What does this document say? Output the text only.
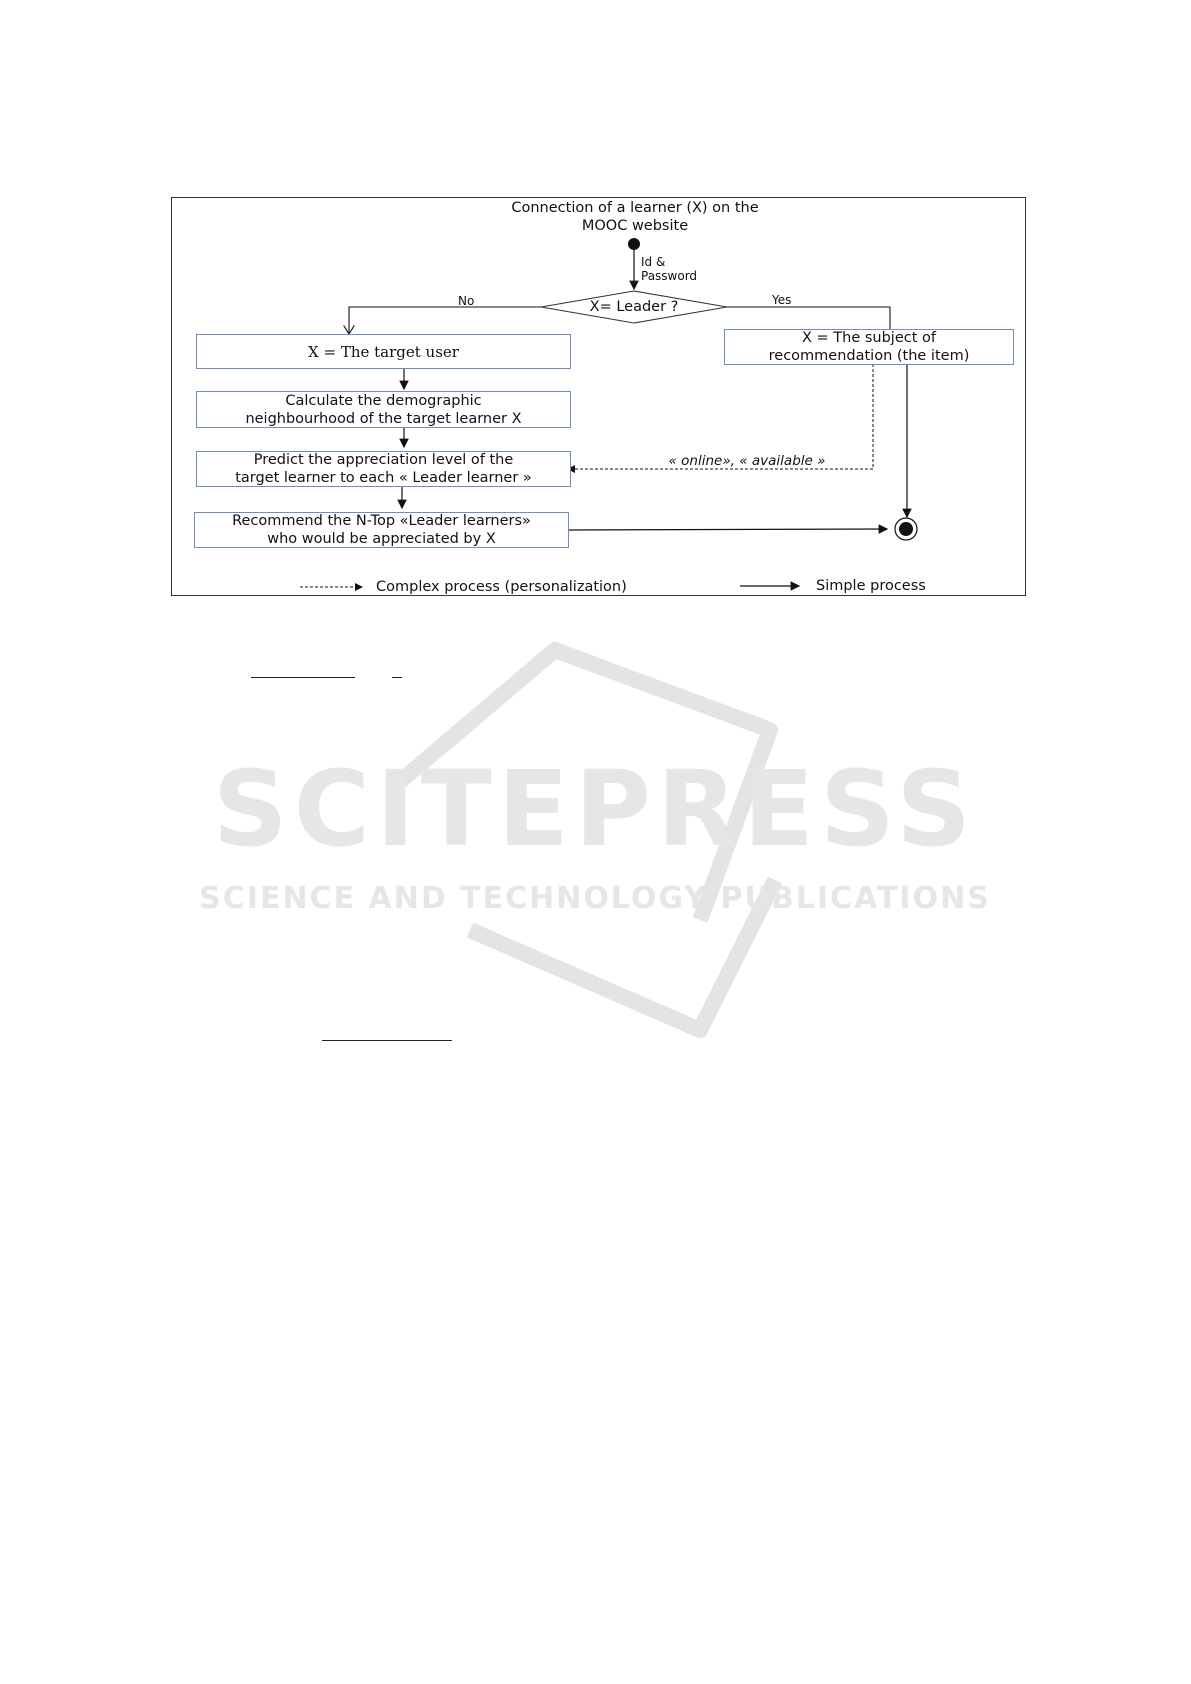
SCITEPRESS
SCIENCE AND TECHNOLOGY PUBLICATIONS
Connection of a learner (X) on the
MOOC website
Id &
Password
X= Leader ?
No	Yes
X = The target user
X = The subject of
recommendation (the item)
Calculate the demographic
neighbourhood of the target learner X
Predict the appreciation level of the
target learner to each « Leader learner »
Recommend the N-Top «Leader learners»
who would be appreciated by X
« online», « available »
Complex process (personalization)	Simple process
